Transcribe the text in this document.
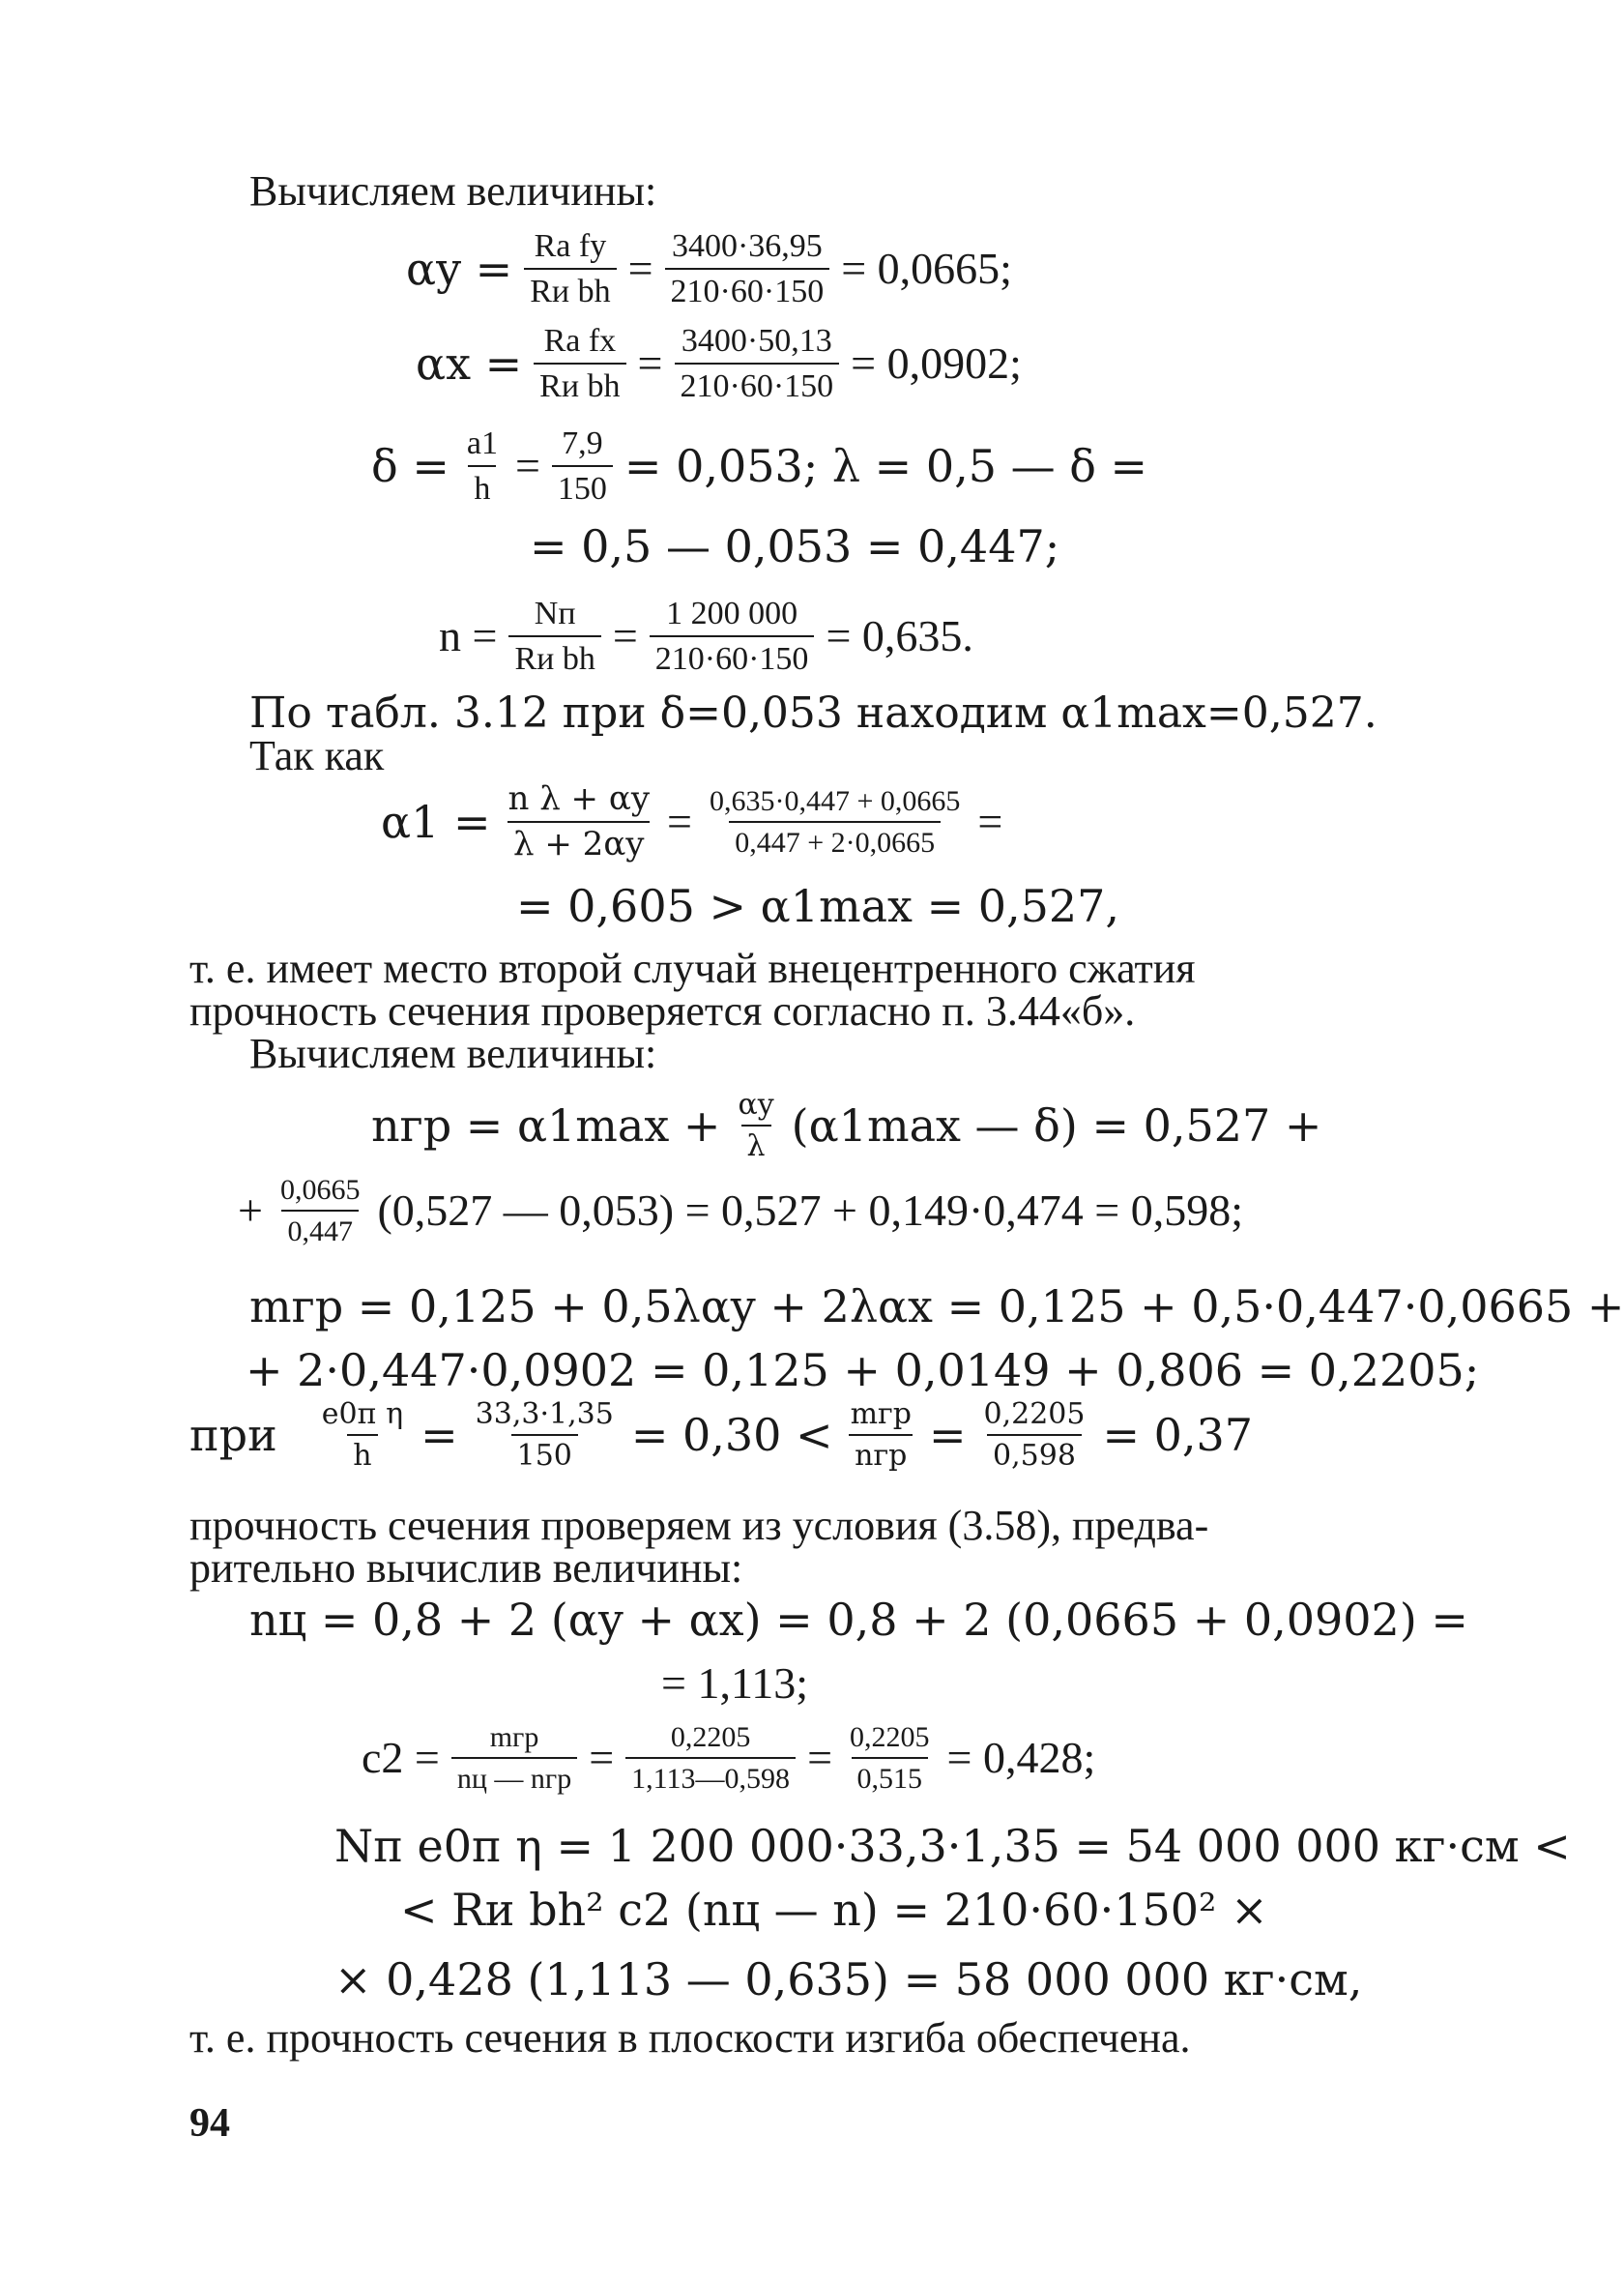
Вычисляем величины:
$\alpha y = \frac{\text{Ra fy}}{\text{Rи bh}} = \frac{3400\cdot 36,95}{210\cdot 60\cdot 150} = 0,0665$;
$\alpha x = \frac{\text{Ra fx}}{\text{Rи bh}} = \frac{3400\cdot 50,13}{210\cdot 60\cdot 150} = 0,0902$;
$\delta = \frac{a1}{h} = \frac{7,9}{150} = 0,053$; λ = 0,5 — δ =
= 0,5 — 0,053 = 0,447;
$n = \frac{Nп}{\text{Rи bh}} = \frac{1 200 000}{210\cdot 60\cdot 150} = 0,635$.
По табл. 3.12 при δ=0,053 находим α1max=0,527.
Так как
$\alpha 1 = \frac{\text{n λ + αy}}{\lambda + 2\alpha y} = \frac{0,635\cdot 0,447 + 0,0665}{0,447 + 2\cdot 0,0665}$ =
= 0,605 > α1max = 0,527,
т. е. имеет место второй случай внецентренного сжатия
прочность сечения проверяется согласно п. 3.44«б».
Вычисляем величины:
nгр = $\alpha 1\max + \frac{\alpha y}{\lambda} (\alpha 1\max$ — δ) = 0,527 +
+ $\frac{0,0665}{0,447} (0,527$ — 0,053) = 0,527 + 0,149·0,474 = 0,598;
mгр = 0,125 + 0,5λαy + 2λαx = 0,125 + 0,5·0,447·0,0665 +
+ 2·0,447·0,0902 = 0,125 + 0,0149 + 0,806 = 0,2205;
при $\frac{\text{e0п η}}{h} = \frac{33,3\cdot 1,35}{150} = 0,30 < \frac{\text{mгр}}{\text{nгр}} = \frac{0,2205}{0,598} = 0,37$
прочность сечения проверяем из условия (3.58), предва-
рительно вычислив величины:
nц = 0,8 + 2 (αy + αx) = 0,8 + 2 (0,0665 + 0,0902) =
= 1,113;
$c2 = \frac{\text{mгр}}{\text{nц — nгр}} = \frac{0,2205}{1,113—0,598} = \frac{0,2205}{0,515} = 0,428$;
Nп e0п η = 1 200 000·33,3·1,35 = 54 000 000 кг·см <
< Rи bh² c2 (nц — n) = 210·60·150² ×
× 0,428 (1,113 — 0,635) = 58 000 000 кг·см,
т. е. прочность сечения в плоскости изгиба обеспечена.
94
